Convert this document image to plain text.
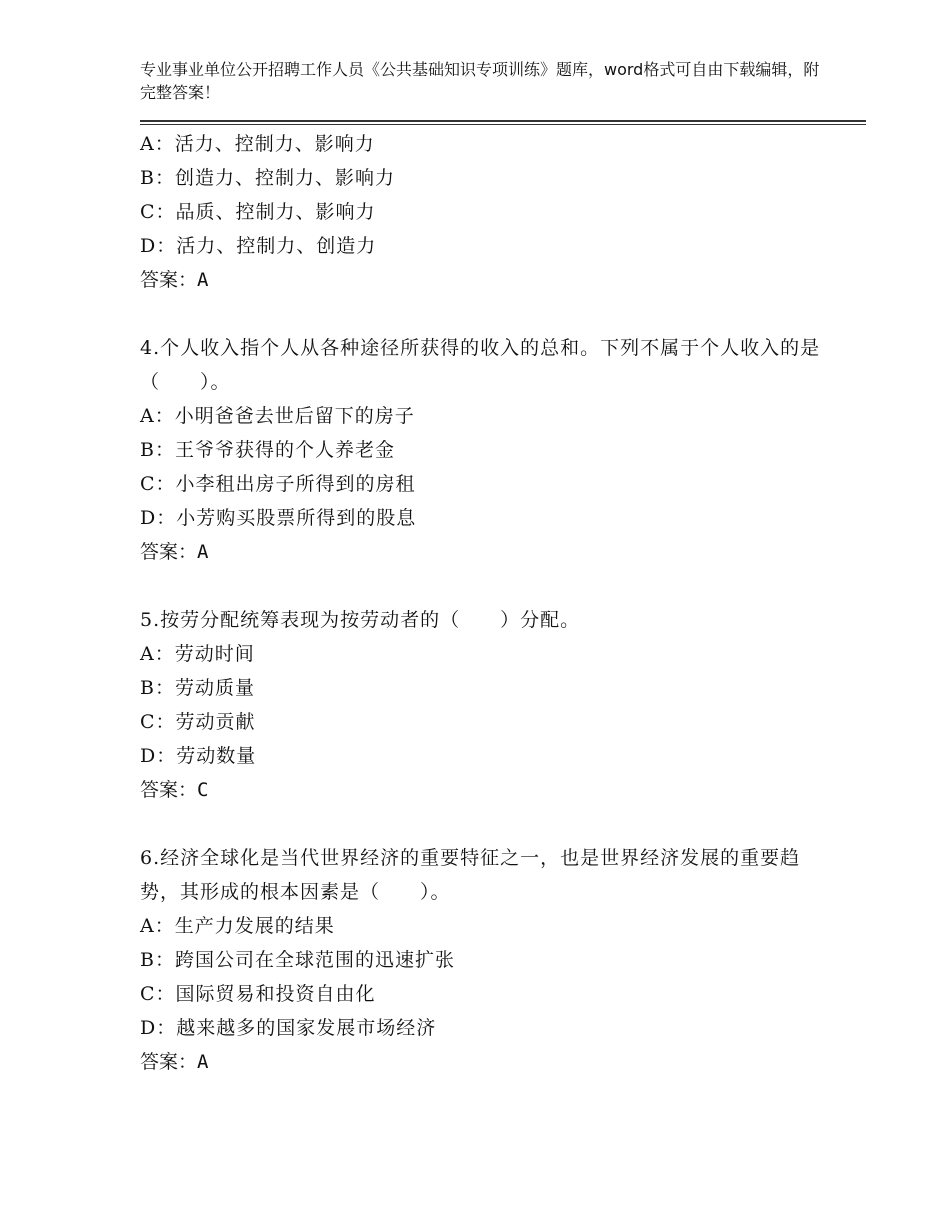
专业事业单位公开招聘工作人员《公共基础知识专项训练》题库，word格式可自由下载编辑，附完整答案！
A：活力、控制力、影响力
B：创造力、控制力、影响力
C：品质、控制力、影响力
D：活力、控制力、创造力
答案：A
4.个人收入指个人从各种途径所获得的收入的总和。下列不属于个人收入的是（　　）。
A：小明爸爸去世后留下的房子
B：王爷爷获得的个人养老金
C：小李租出房子所得到的房租
D：小芳购买股票所得到的股息
答案：A
5.按劳分配统筹表现为按劳动者的（　　）分配。
A：劳动时间
B：劳动质量
C：劳动贡献
D：劳动数量
答案：C
6.经济全球化是当代世界经济的重要特征之一，也是世界经济发展的重要趋势，其形成的根本因素是（　　）。
A：生产力发展的结果
B：跨国公司在全球范围的迅速扩张
C：国际贸易和投资自由化
D：越来越多的国家发展市场经济
答案：A
